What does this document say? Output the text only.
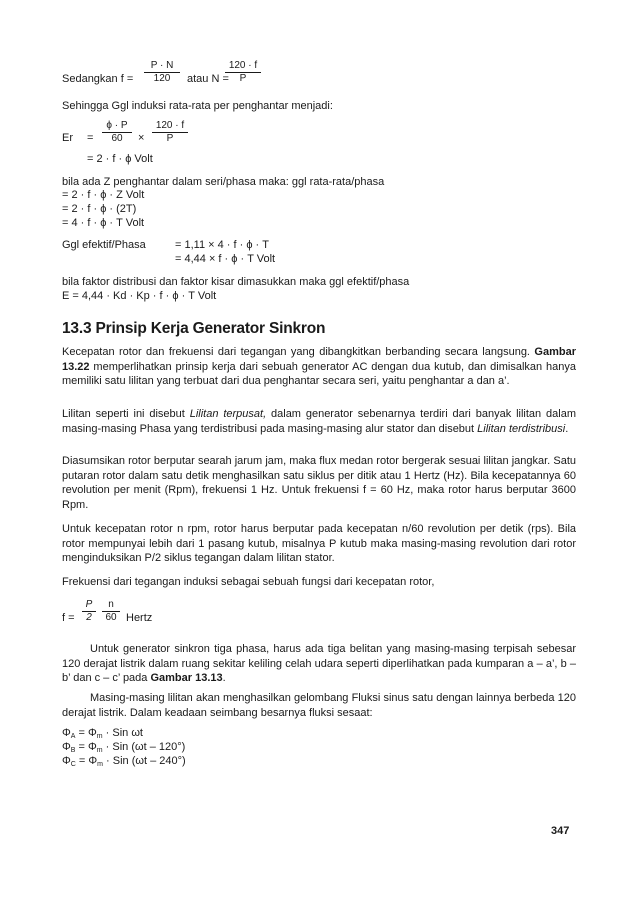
Sedangkan $f = \frac{P \cdot N}{120}$ atau N =
$\frac{120 \cdot f}{P}$
Sehingga Ggl induksi rata-rata per penghantar menjadi:
$Er = \frac{\phi \cdot P}{60} \times \frac{120 \cdot f}{P}$
= 2 · f · ϕ Volt
bila ada Z penghantar dalam seri/phasa maka: ggl rata-rata/phasa
= 2 · f · ϕ · Z Volt
= 2 · f · ϕ · (2T)
= 4 · f · ϕ · T Volt
Ggl efektif/Phasa	= 1,11 × 4 · f · ϕ · T
= 4,44 × f · ϕ · T Volt
bila faktor distribusi dan faktor kisar dimasukkan maka ggl efektif/phasa
E = 4,44 · Kd · Kp · f · ϕ · T Volt
13.3 Prinsip Kerja Generator Sinkron
Kecepatan rotor dan frekuensi dari tegangan yang dibangkitkan berbanding secara langsung. Gambar 13.22 memperlihatkan prinsip kerja dari sebuah generator AC dengan dua kutub, dan dimisalkan hanya memiliki satu lilitan yang terbuat dari dua penghantar secara seri, yaitu penghantar a dan a’.
Lilitan seperti ini disebut Lilitan terpusat, dalam generator sebenarnya terdiri dari banyak lilitan dalam masing-masing Phasa yang terdistribusi pada masing-masing alur stator dan disebut Lilitan terdistribusi.
Diasumsikan rotor berputar searah jarum jam, maka flux medan rotor bergerak sesuai lilitan jangkar. Satu putaran rotor dalam satu detik menghasilkan satu siklus per ditik atau 1 Hertz (Hz). Bila kecepatannya 60 revolution per menit (Rpm), frekuensi 1 Hz. Untuk frekuensi f = 60 Hz, maka rotor harus berputar 3600 Rpm.
Untuk kecepatan rotor n rpm, rotor harus berputar pada kecepatan n/60 revolution per detik (rps). Bila rotor mempunyai lebih dari 1 pasang kutub, misalnya P kutub maka masing-masing revolution dari rotor menginduksikan P/2 siklus tegangan dalam lilitan stator.
Frekuensi dari tegangan induksi sebagai sebuah fungsi dari kecepatan rotor,
$f = \frac{P}{2} \frac{n}{60}$ Hertz
Untuk generator sinkron tiga phasa, harus ada tiga belitan yang masing-masing terpisah sebesar 120 derajat listrik dalam ruang sekitar keliling celah udara seperti diperlihatkan pada kumparan a – a’, b – b’ dan c – c’ pada Gambar 13.13.
Masing-masing lilitan akan menghasilkan gelombang Fluksi sinus satu dengan lainnya berbeda 120 derajat listrik. Dalam keadaan seimbang besarnya fluksi sesaat:
$\Phi_A = \Phi_m$ · Sin ωt
$\Phi_B = \Phi_m$ · Sin (ωt – 120°)
$\Phi_C = \Phi_m$ · Sin (ωt – 240°)
347
